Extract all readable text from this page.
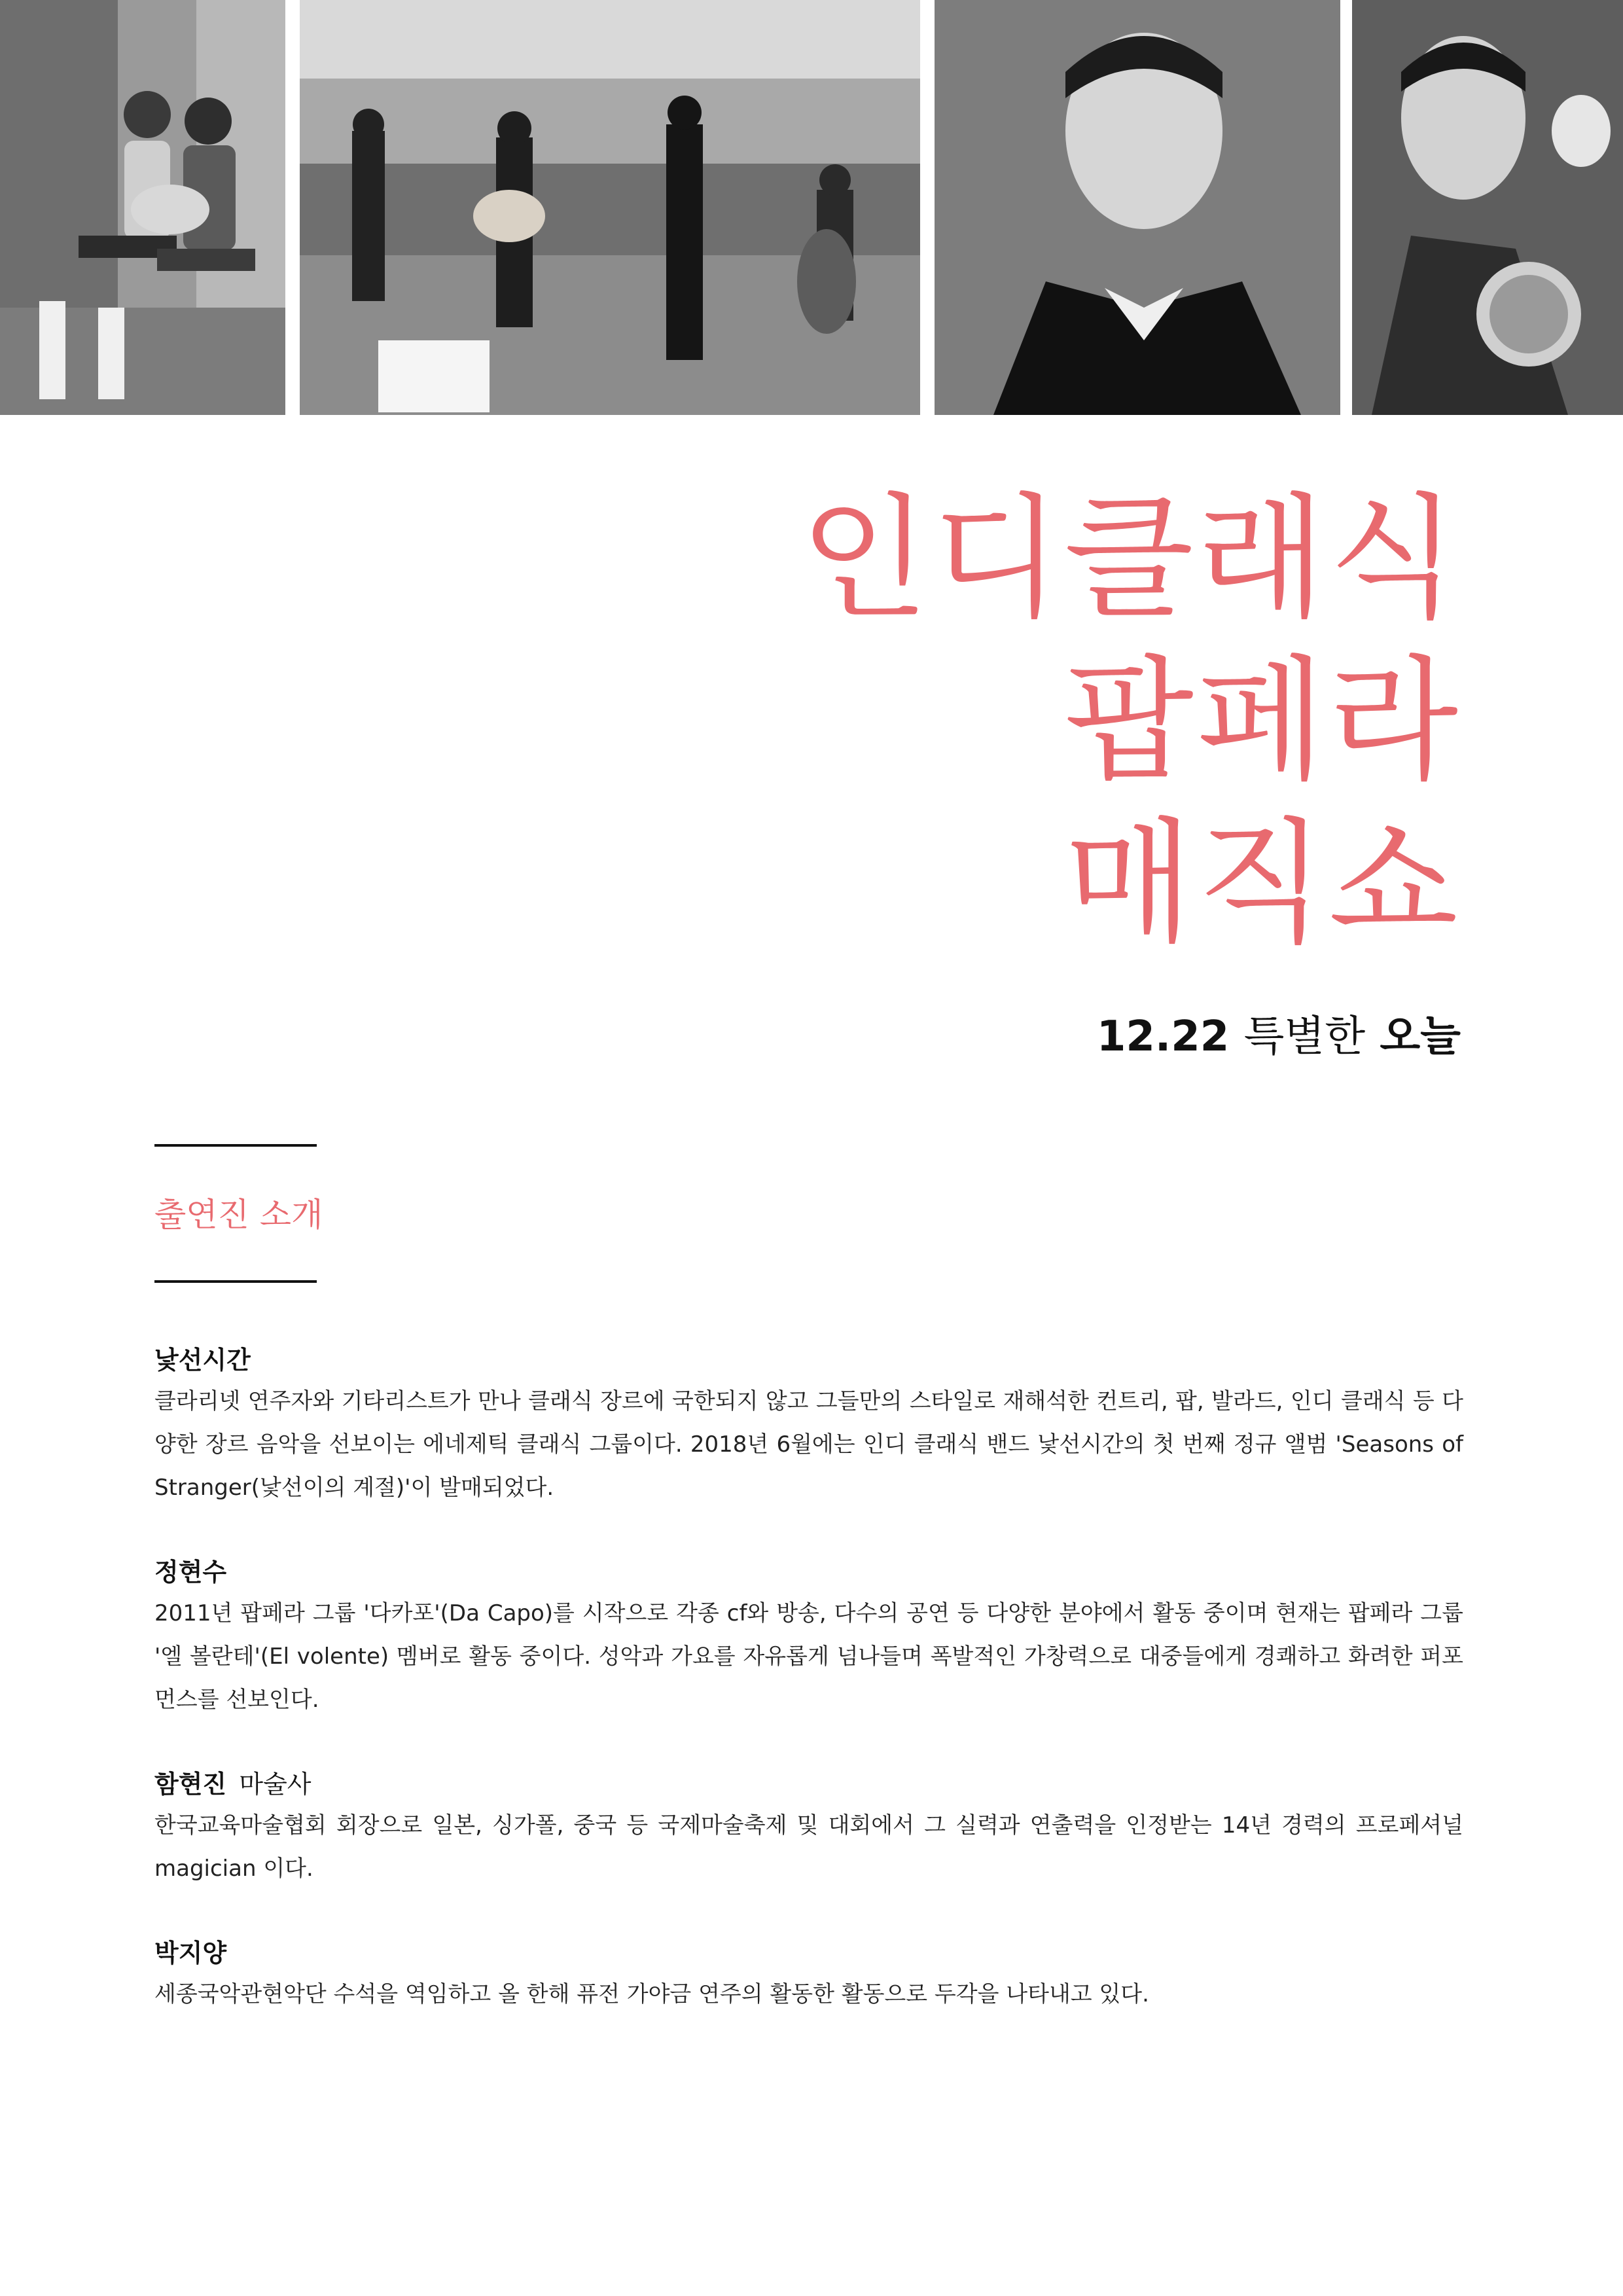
인디클래식
팝페라
매직쇼
12.22 특별한 오늘
출연진 소개
낯선시간
클라리넷 연주자와 기타리스트가 만나 클래식 장르에 국한되지 않고 그들만의 스타일로 재해석한 컨트리, 팝, 발라드, 인디 클래식 등 다양한 장르 음악을 선보이는 에네제틱 클래식 그룹이다. 2018년 6월에는 인디 클래식 밴드 낯선시간의 첫 번째 정규 앨범 'Seasons of Stranger(낯선이의 계절)'이 발매되었다.
정현수
2011년 팝페라 그룹 '다카포'(Da Capo)를 시작으로 각종 cf와 방송, 다수의 공연 등 다양한 분야에서 활동 중이며 현재는 팝페라 그룹 '엘 볼란테'(El volente) 멤버로 활동 중이다. 성악과 가요를 자유롭게 넘나들며 폭발적인 가창력으로 대중들에게 경쾌하고 화려한 퍼포먼스를 선보인다.
함현진 마술사
한국교육마술협회 회장으로 일본, 싱가폴, 중국 등 국제마술축제 및 대회에서 그 실력과 연출력을 인정받는 14년 경력의 프로페셔널 magician 이다.
박지양
세종국악관현악단 수석을 역임하고 올 한해 퓨전 가야금 연주의 활동한 활동으로 두각을 나타내고 있다.
